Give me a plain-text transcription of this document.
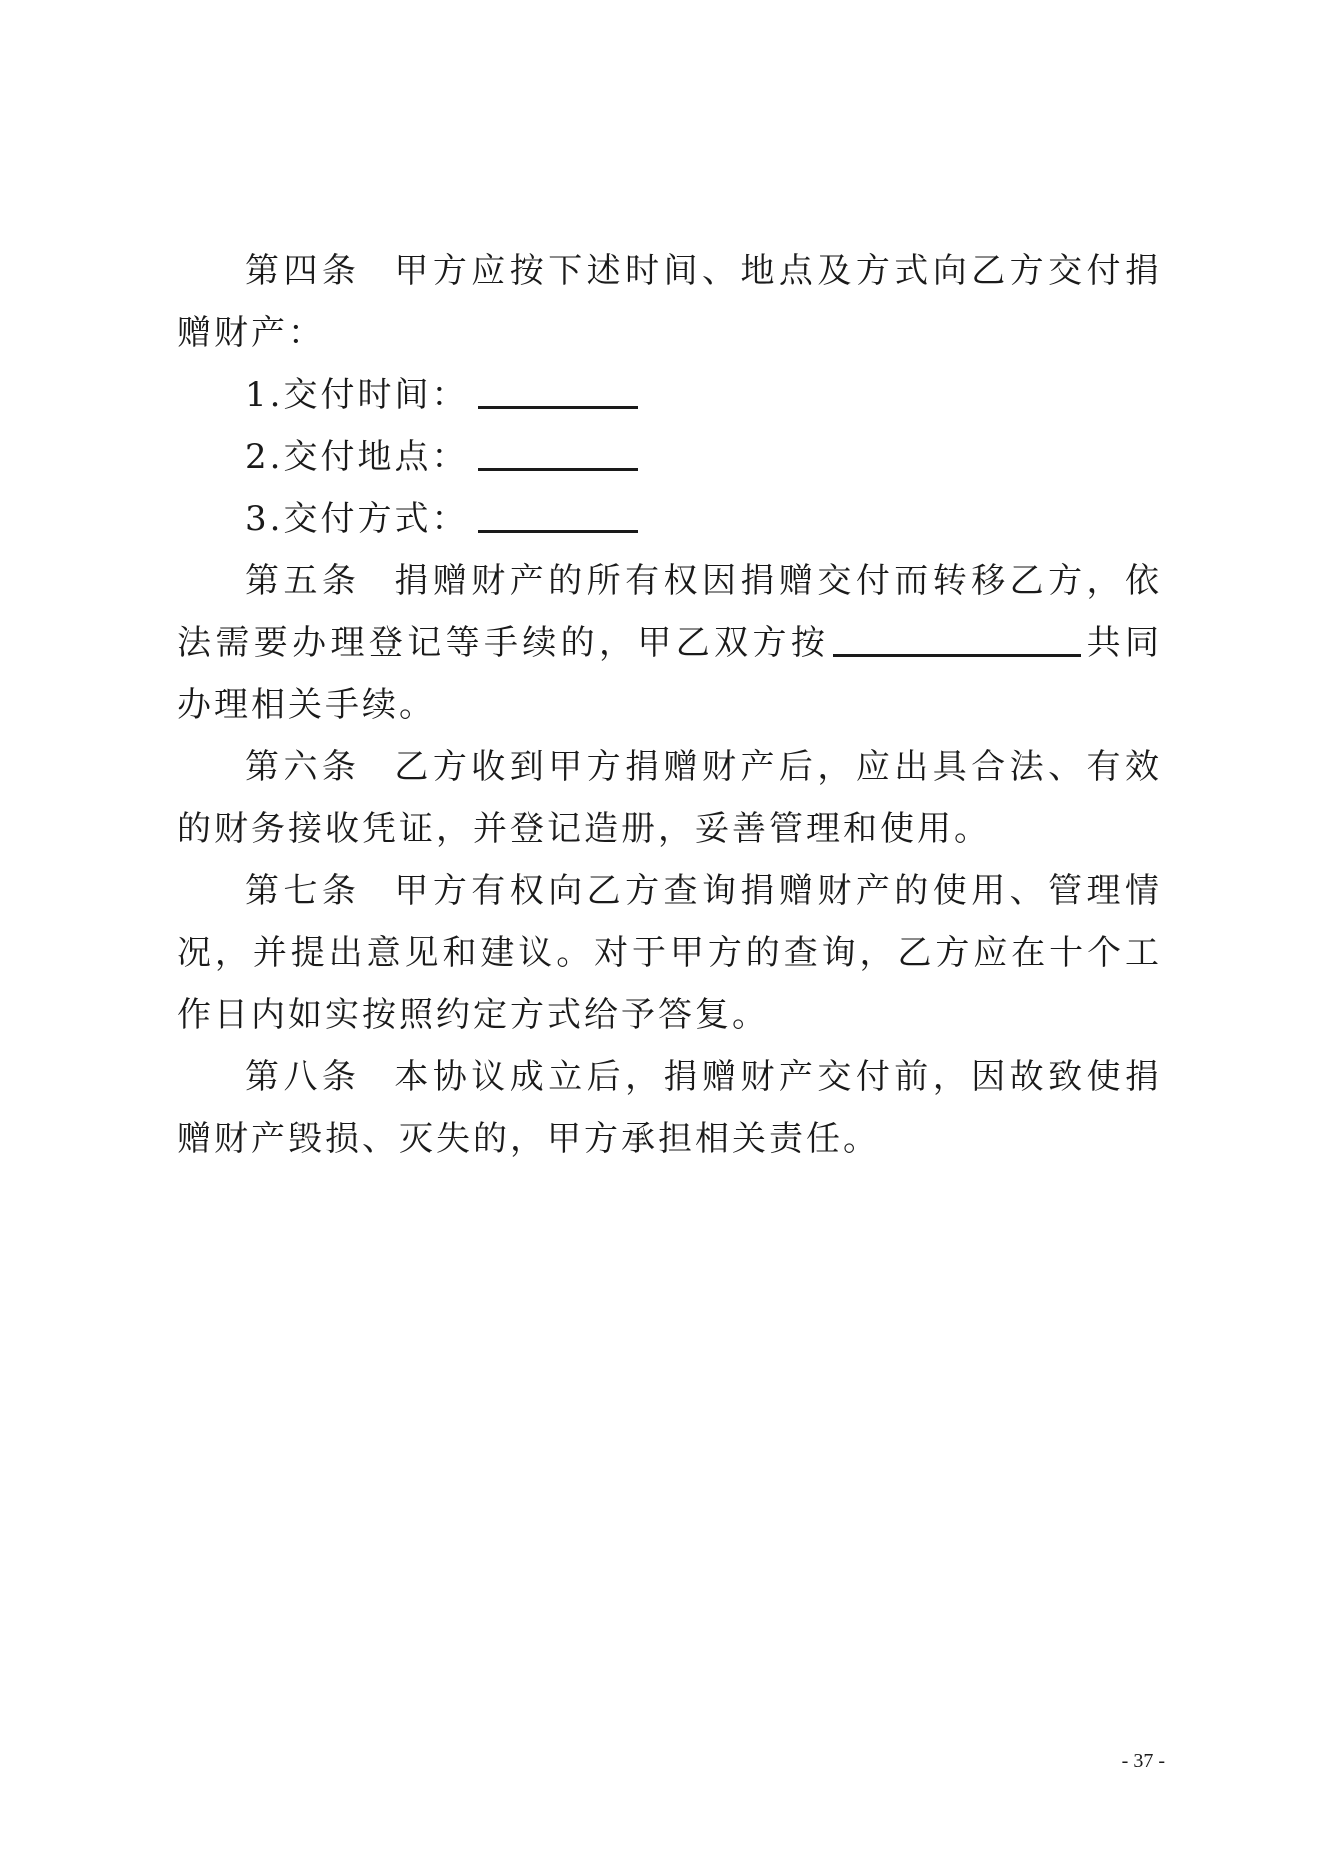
第四条 甲方应按下述时间、地点及方式向乙方交付捐赠财产：

1.交付时间：

2.交付地点：

3.交付方式：

第五条 捐赠财产的所有权因捐赠交付而转移乙方，依法需要办理登记等手续的，甲乙双方按	共同办理相关手续。

第六条 乙方收到甲方捐赠财产后，应出具合法、有效的财务接收凭证，并登记造册，妥善管理和使用。

第七条 甲方有权向乙方查询捐赠财产的使用、管理情况，并提出意见和建议。对于甲方的查询，乙方应在十个工作日内如实按照约定方式给予答复。

第八条 本协议成立后，捐赠财产交付前，因故致使捐赠财产毁损、灭失的，甲方承担相关责任。

- 37 -
